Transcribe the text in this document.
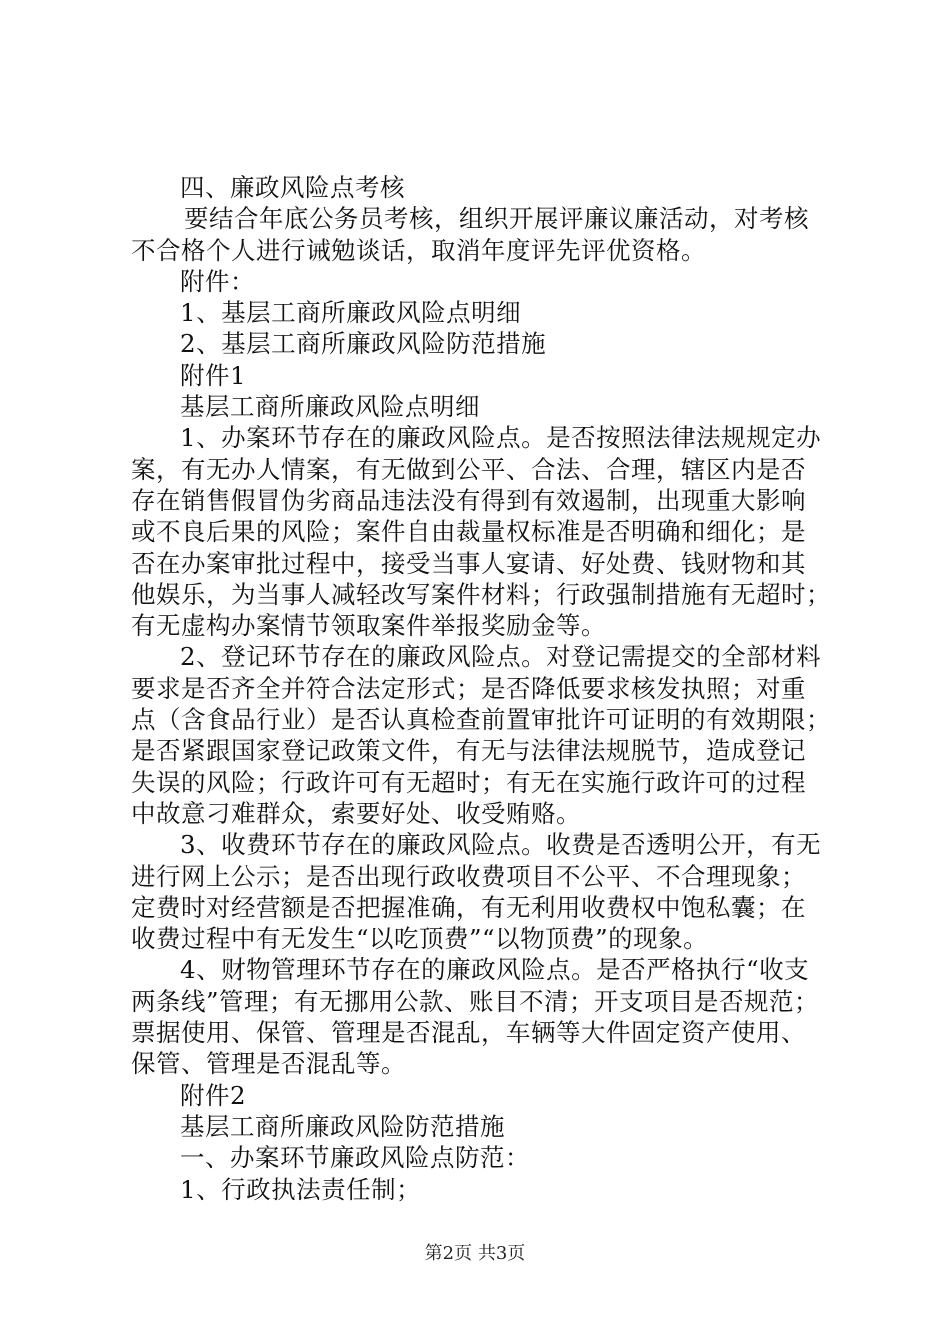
四、廉政风险点考核
要结合年底公务员考核，组织开展评廉议廉活动，对考核
不合格个人进行诫勉谈话，取消年度评先评优资格。
附件：
1、基层工商所廉政风险点明细
2、基层工商所廉政风险防范措施
附件1
基层工商所廉政风险点明细
1、办案环节存在的廉政风险点。是否按照法律法规规定办
案，有无办人情案，有无做到公平、合法、合理，辖区内是否
存在销售假冒伪劣商品违法没有得到有效遏制，出现重大影响
或不良后果的风险；案件自由裁量权标准是否明确和细化；是
否在办案审批过程中，接受当事人宴请、好处费、钱财物和其
他娱乐，为当事人减轻改写案件材料；行政强制措施有无超时；
有无虚构办案情节领取案件举报奖励金等。
2、登记环节存在的廉政风险点。对登记需提交的全部材料
要求是否齐全并符合法定形式；是否降低要求核发执照；对重
点（含食品行业）是否认真检查前置审批许可证明的有效期限；
是否紧跟国家登记政策文件，有无与法律法规脱节，造成登记
失误的风险；行政许可有无超时；有无在实施行政许可的过程
中故意刁难群众，索要好处、收受贿赂。
3、收费环节存在的廉政风险点。收费是否透明公开，有无
进行网上公示；是否出现行政收费项目不公平、不合理现象；
定费时对经营额是否把握准确，有无利用收费权中饱私囊；在
收费过程中有无发生“以吃顶费”“以物顶费”的现象。
4、财物管理环节存在的廉政风险点。是否严格执行“收支
两条线”管理；有无挪用公款、账目不清；开支项目是否规范；
票据使用、保管、管理是否混乱，车辆等大件固定资产使用、
保管、管理是否混乱等。
附件2
基层工商所廉政风险防范措施
一、办案环节廉政风险点防范：
1、行政执法责任制；
第2页 共3页
